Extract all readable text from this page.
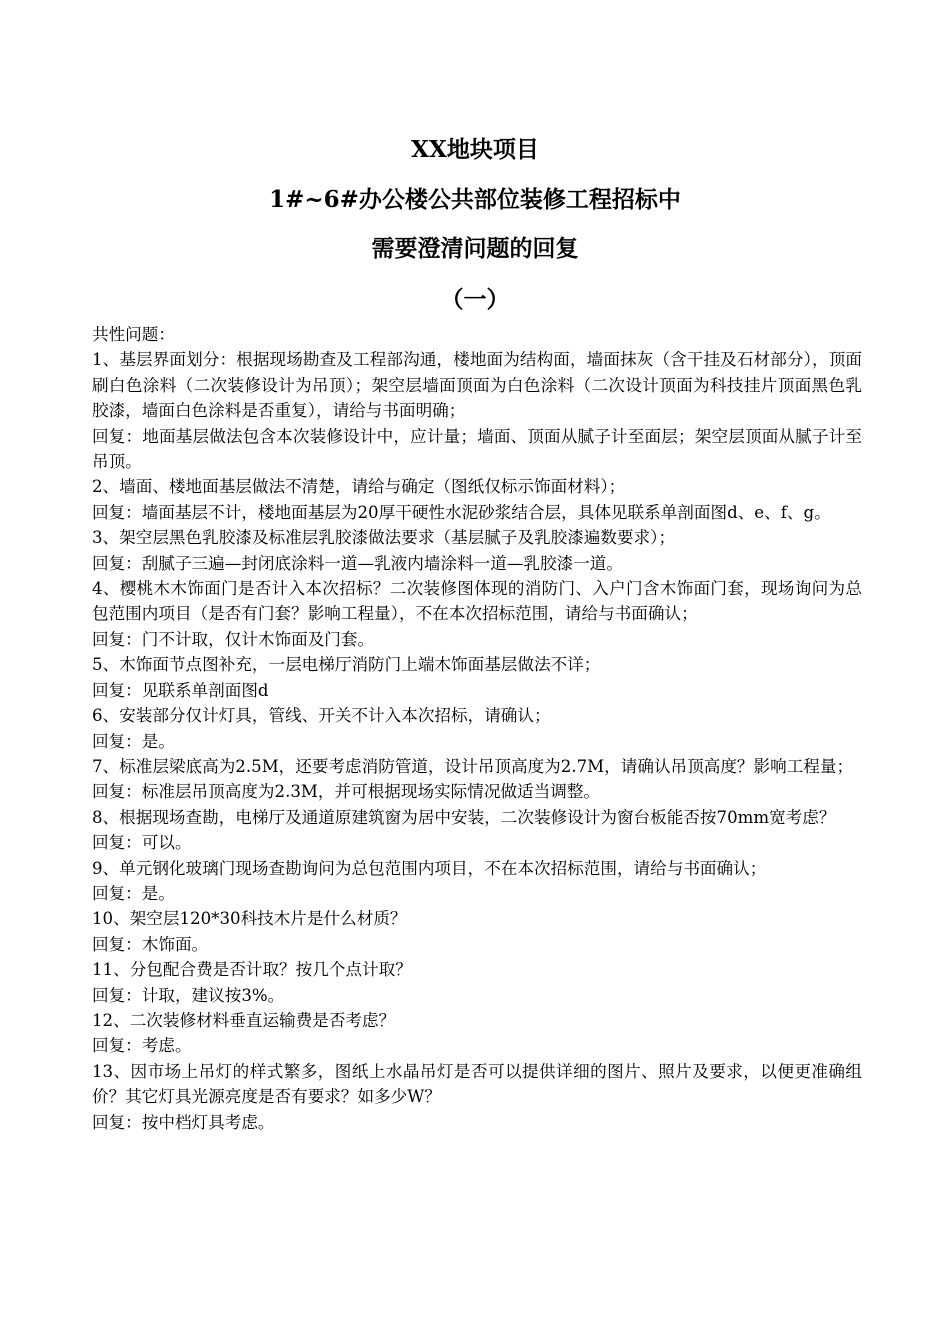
XX地块项目
1#~6#办公楼公共部位装修工程招标中
需要澄清问题的回复
（一）

共性问题：

1、基层界面划分：根据现场勘查及工程部沟通，楼地面为结构面，墙面抹灰（含干挂及石材部分），顶面刷白色涂料（二次装修设计为吊顶）；架空层墙面顶面为白色涂料（二次设计顶面为科技挂片顶面黑色乳胶漆，墙面白色涂料是否重复），请给与书面明确；

回复：地面基层做法包含本次装修设计中，应计量；墙面、顶面从腻子计至面层；架空层顶面从腻子计至吊顶。

2、墙面、楼地面基层做法不清楚，请给与确定（图纸仅标示饰面材料）；

回复：墙面基层不计，楼地面基层为20厚干硬性水泥砂浆结合层，具体见联系单剖面图d、e、f、g。

3、架空层黑色乳胶漆及标准层乳胶漆做法要求（基层腻子及乳胶漆遍数要求）；

回复：刮腻子三遍—封闭底涂料一道—乳液内墙涂料一道—乳胶漆一道。

4、樱桃木木饰面门是否计入本次招标？二次装修图体现的消防门、入户门含木饰面门套，现场询问为总包范围内项目（是否有门套？影响工程量），不在本次招标范围，请给与书面确认；

回复：门不计取，仅计木饰面及门套。

5、木饰面节点图补充，一层电梯厅消防门上端木饰面基层做法不详；

回复：见联系单剖面图d

6、安装部分仅计灯具，管线、开关不计入本次招标，请确认；

回复：是。

7、标准层梁底高为2.5M，还要考虑消防管道，设计吊顶高度为2.7M，请确认吊顶高度？影响工程量；

回复：标准层吊顶高度为2.3M，并可根据现场实际情况做适当调整。

8、根据现场查勘，电梯厅及通道原建筑窗为居中安装，二次装修设计为窗台板能否按70mm宽考虑？

回复：可以。

9、单元钢化玻璃门现场查勘询问为总包范围内项目，不在本次招标范围，请给与书面确认；

回复：是。

10、架空层120*30科技木片是什么材质？

回复：木饰面。

11、分包配合费是否计取？按几个点计取？

回复：计取，建议按3%。

12、二次装修材料垂直运输费是否考虑？

回复：考虑。

13、因市场上吊灯的样式繁多，图纸上水晶吊灯是否可以提供详细的图片、照片及要求，以便更准确组价？其它灯具光源亮度是否有要求？如多少W？

回复：按中档灯具考虑。
